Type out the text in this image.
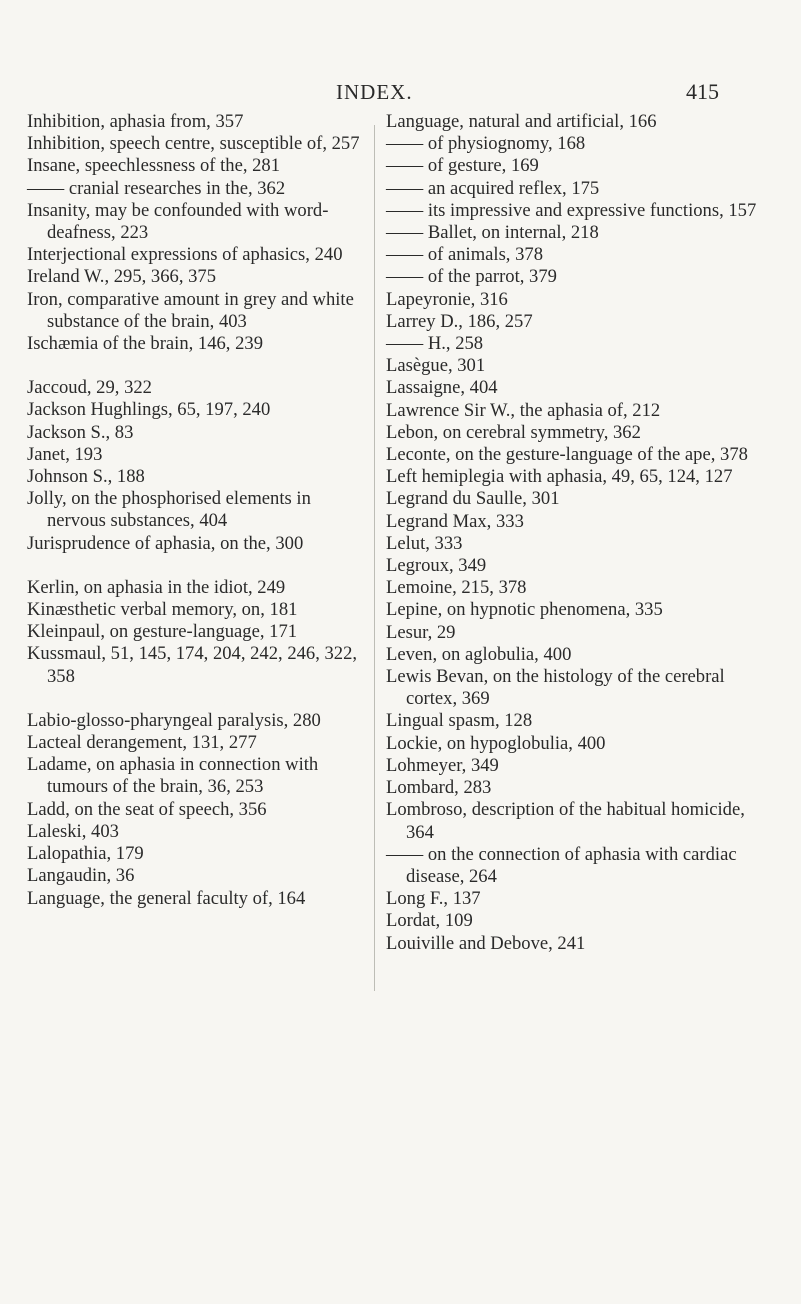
INDEX.	415

Inhibition, aphasia from, 357

Inhibition, speech centre, susceptible of, 257

Insane, speechlessness of the, 281

—— cranial researches in the, 362

Insanity, may be confounded with word-deafness, 223

Interjectional expressions of aphasics, 240

Ireland W., 295, 366, 375

Iron, comparative amount in grey and white substance of the brain, 403

Ischæmia of the brain, 146, 239

Jaccoud, 29, 322

Jackson Hughlings, 65, 197, 240

Jackson S., 83

Janet, 193

Johnson S., 188

Jolly, on the phosphorised elements in nervous substances, 404

Jurisprudence of aphasia, on the, 300

Kerlin, on aphasia in the idiot, 249

Kinæsthetic verbal memory, on, 181

Kleinpaul, on gesture-language, 171

Kussmaul, 51, 145, 174, 204, 242, 246, 322, 358

Labio-glosso-pharyngeal paralysis, 280

Lacteal derangement, 131, 277

Ladame, on aphasia in connection with tumours of the brain, 36, 253

Ladd, on the seat of speech, 356

Laleski, 403

Lalopathia, 179

Langaudin, 36

Language, the general faculty of, 164

Language, natural and artificial, 166

—— of physiognomy, 168

—— of gesture, 169

—— an acquired reflex, 175

—— its impressive and expressive functions, 157

—— Ballet, on internal, 218

—— of animals, 378

—— of the parrot, 379

Lapeyronie, 316

Larrey D., 186, 257

—— H., 258

Lasègue, 301

Lassaigne, 404

Lawrence Sir W., the aphasia of, 212

Lebon, on cerebral symmetry, 362

Leconte, on the gesture-language of the ape, 378

Left hemiplegia with aphasia, 49, 65, 124, 127

Legrand du Saulle, 301

Legrand Max, 333

Lelut, 333

Legroux, 349

Lemoine, 215, 378

Lepine, on hypnotic phenomena, 335

Lesur, 29

Leven, on aglobulia, 400

Lewis Bevan, on the histology of the cerebral cortex, 369

Lingual spasm, 128

Lockie, on hypoglobulia, 400

Lohmeyer, 349

Lombard, 283

Lombroso, description of the habitual homicide, 364

—— on the connection of aphasia with cardiac disease, 264

Long F., 137

Lordat, 109

Louiville and Debove, 241
